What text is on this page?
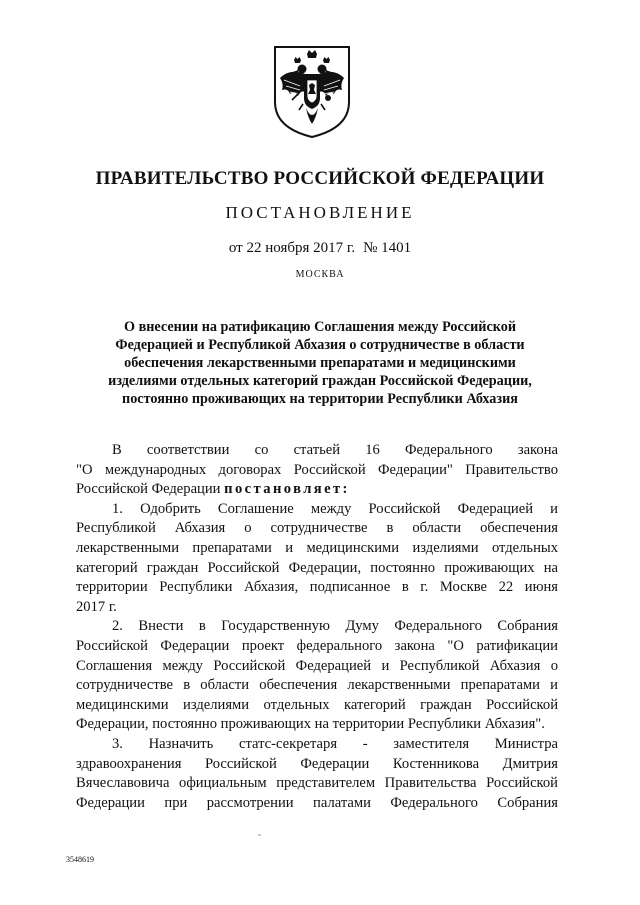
ПРАВИТЕЛЬСТВО РОССИЙСКОЙ ФЕДЕРАЦИИ
ПОСТАНОВЛЕНИЕ
от 22 ноября 2017 г. № 1401
МОСКВА
О внесении на ратификацию Соглашения между Российской
Федерацией и Республикой Абхазия о сотрудничестве в области
обеспечения лекарственными препаратами и медицинскими
изделиями отдельных категорий граждан Российской Федерации,
постоянно проживающих на территории Республики Абхазия
В соответствии со статьей 16 Федерального закона
"О международных договорах Российской Федерации" Правительство
Российской Федерации постановляет:
1. Одобрить Соглашение между Российской Федерацией и
Республикой Абхазия о сотрудничестве в области обеспечения
лекарственными препаратами и медицинскими изделиями отдельных
категорий граждан Российской Федерации, постоянно проживающих на
территории Республики Абхазия, подписанное в г. Москве 22 июня
2017 г.
2. Внести в Государственную Думу Федерального Собрания
Российской Федерации проект федерального закона "О ратификации
Соглашения между Российской Федерацией и Республикой Абхазия о
сотрудничестве в области обеспечения лекарственными препаратами и
медицинскими изделиями отдельных категорий граждан Российской
Федерации, постоянно проживающих на территории Республики Абхазия".
3. Назначить статс-секретаря - заместителя Министра
здравоохранения Российской Федерации Костенникова Дмитрия
Вячеславовича официальным представителем Правительства Российской
Федерации при рассмотрении палатами Федерального Собрания
3548619
